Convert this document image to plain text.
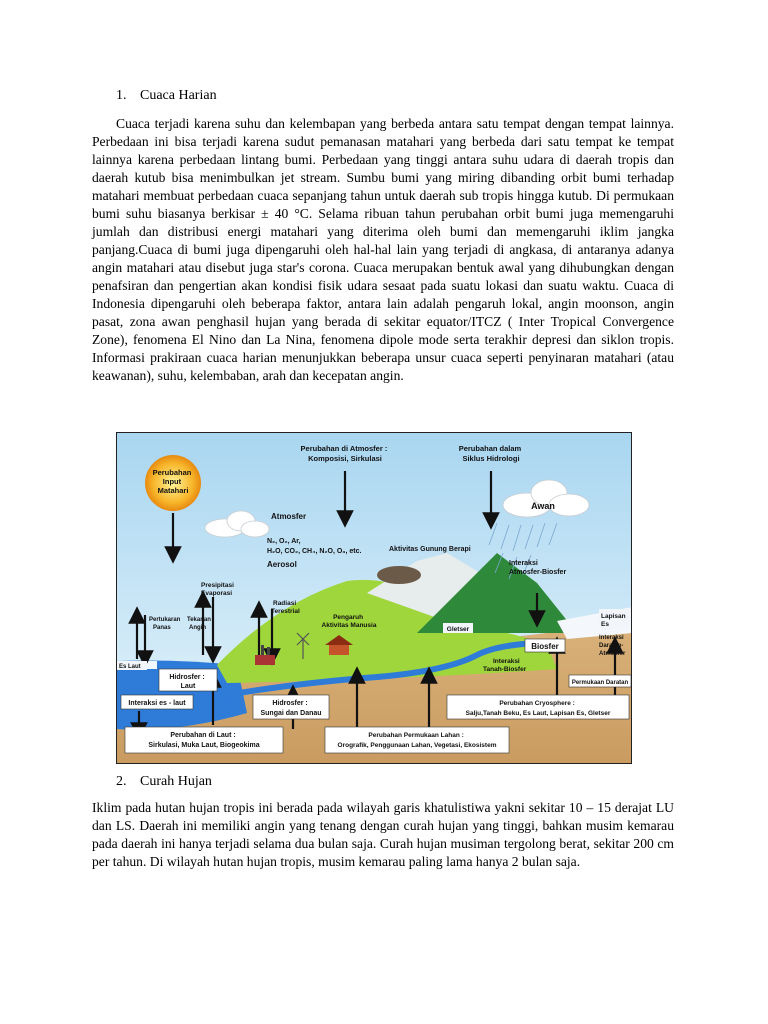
1. Cuaca Harian

Cuaca terjadi karena suhu dan kelembapan yang berbeda antara satu tempat dengan tempat lainnya. Perbedaan ini bisa terjadi karena sudut pemanasan matahari yang berbeda dari satu tempat ke tempat lainnya karena perbedaan lintang bumi. Perbedaan yang tinggi antara suhu udara di daerah tropis dan daerah kutub bisa menimbulkan jet stream. Sumbu bumi yang miring dibanding orbit bumi terhadap matahari membuat perbedaan cuaca sepanjang tahun untuk daerah sub tropis hingga kutub. Di permukaan bumi suhu biasanya berkisar ± 40 °C. Selama ribuan tahun perubahan orbit bumi juga memengaruhi jumlah dan distribusi energi matahari yang diterima oleh bumi dan memengaruhi iklim jangka panjang.Cuaca di bumi juga dipengaruhi oleh hal-hal lain yang terjadi di angkasa, di antaranya adanya angin matahari atau disebut juga star's corona. Cuaca merupakan bentuk awal yang dihubungkan dengan penafsiran dan pengertian akan kondisi fisik udara sesaat pada suatu lokasi dan suatu waktu. Cuaca di Indonesia dipengaruhi oleh beberapa faktor, antara lain adalah pengaruh lokal, angin moonson, angin pasat, zona awan penghasil hujan yang berada di sekitar equator/ITCZ ( Inter Tropical Convergence Zone), fenomena El Nino dan La Nina, fenomena dipole mode serta terakhir depresi dan siklon tropis. Informasi prakiraan cuaca harian menunjukkan beberapa unsur cuaca seperti penyinaran matahari (atau keawanan), suhu, kelembaban, arah dan kecepatan angin.

Perubahan Input Matahari
Awan
Perubahan di Atmosfer : Komposisi, Sirkulasi
Perubahan dalam Siklus Hidrologi
Atmosfer
N₂, O₂, Ar,
H₂O, CO₂, CH₄, N₂O, O₃, etc.
Aerosol
Aktivitas Gunung Berapi
Interaksi Atmosfer-Biosfer
Presipitasi Evaporasi
Radiasi Terestrial
Pertukaran Panas
Tekanan Angin
Pengaruh Aktivitas Manusia
Gletser
Lapisan Es
Es Laut
Hidrosfer : Laut
Biosfer
Interaksi Daratan- Atmosfer
Interaksi Tanah-Biosfer
Permukaan Daratan
Interaksi es - laut	Hidrosfer : Sungai dan Danau
Perubahan Cryosphere : Salju,Tanah Beku, Es Laut, Lapisan Es, Gletser
Perubahan di Laut : Sirkulasi, Muka Laut, Biogeokima
Perubahan Permukaan Lahan : Orografik, Penggunaan Lahan, Vegetasi, Ekosistem
2. Curah Hujan

Iklim pada hutan hujan tropis ini berada pada wilayah garis khatulistiwa yakni sekitar 10 – 15 derajat LU dan LS. Daerah ini memiliki angin yang tenang dengan curah hujan yang tinggi, bahkan musim kemarau pada daerah ini hanya terjadi selama dua bulan saja. Curah hujan musiman tergolong berat, sekitar 200 cm per tahun. Di wilayah hutan hujan tropis, musim kemarau paling lama hanya 2 bulan saja.
